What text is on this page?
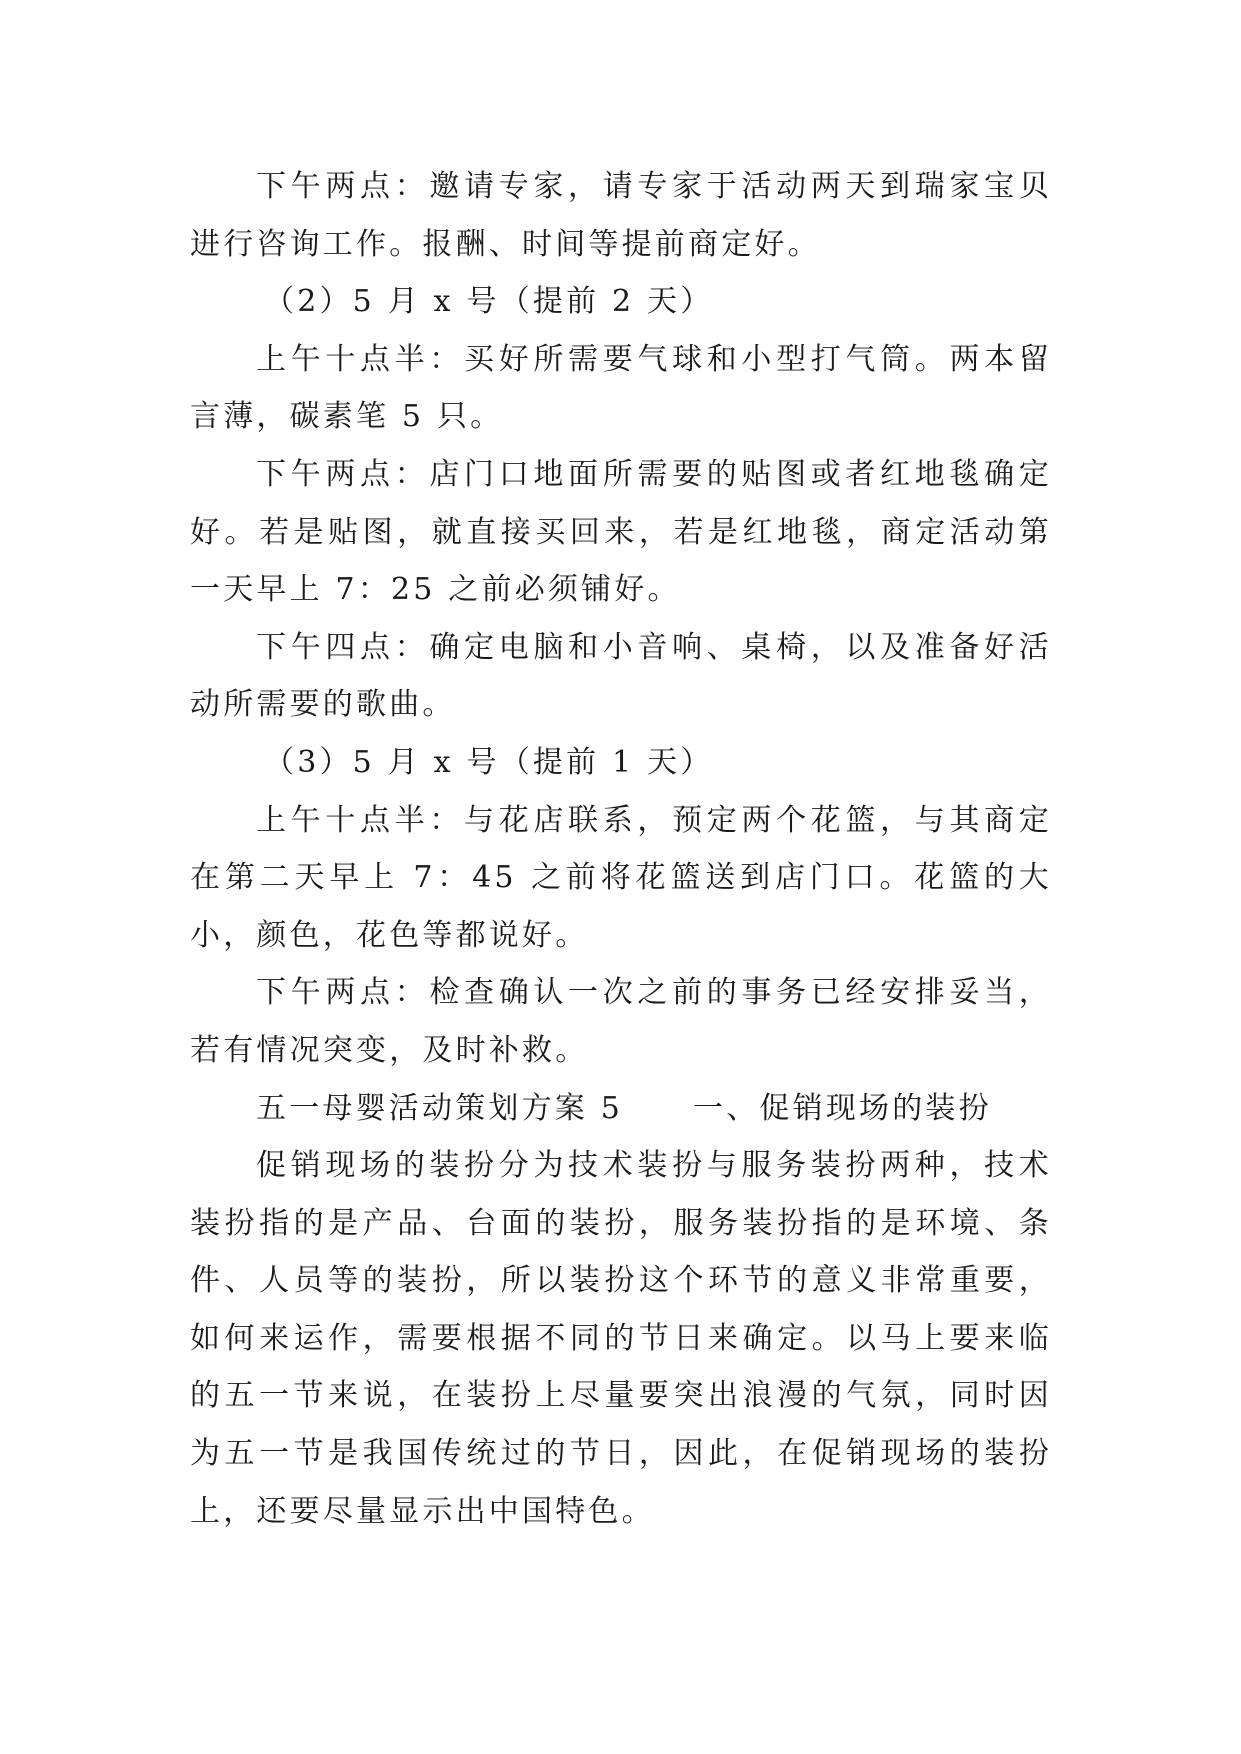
下午两点：邀请专家，请专家于活动两天到瑞家宝贝进行咨询工作。报酬、时间等提前商定好。

（2）5 月 x 号（提前 2 天）

上午十点半：买好所需要气球和小型打气筒。两本留言薄，碳素笔 5 只。

下午两点：店门口地面所需要的贴图或者红地毯确定好。若是贴图，就直接买回来，若是红地毯，商定活动第一天早上 7：25 之前必须铺好。

下午四点：确定电脑和小音响、桌椅，以及准备好活动所需要的歌曲。

（3）5 月 x 号（提前 1 天）

上午十点半：与花店联系，预定两个花篮，与其商定在第二天早上 7：45 之前将花篮送到店门口。花篮的大小，颜色，花色等都说好。

下午两点：检查确认一次之前的事务已经安排妥当，若有情况突变，及时补救。

五一母婴活动策划方案 5 一、促销现场的装扮

促销现场的装扮分为技术装扮与服务装扮两种，技术装扮指的是产品、台面的装扮，服务装扮指的是环境、条件、人员等的装扮，所以装扮这个环节的意义非常重要，如何来运作，需要根据不同的节日来确定。以马上要来临的五一节来说，在装扮上尽量要突出浪漫的气氛，同时因为五一节是我国传统过的节日，因此，在促销现场的装扮上，还要尽量显示出中国特色。
